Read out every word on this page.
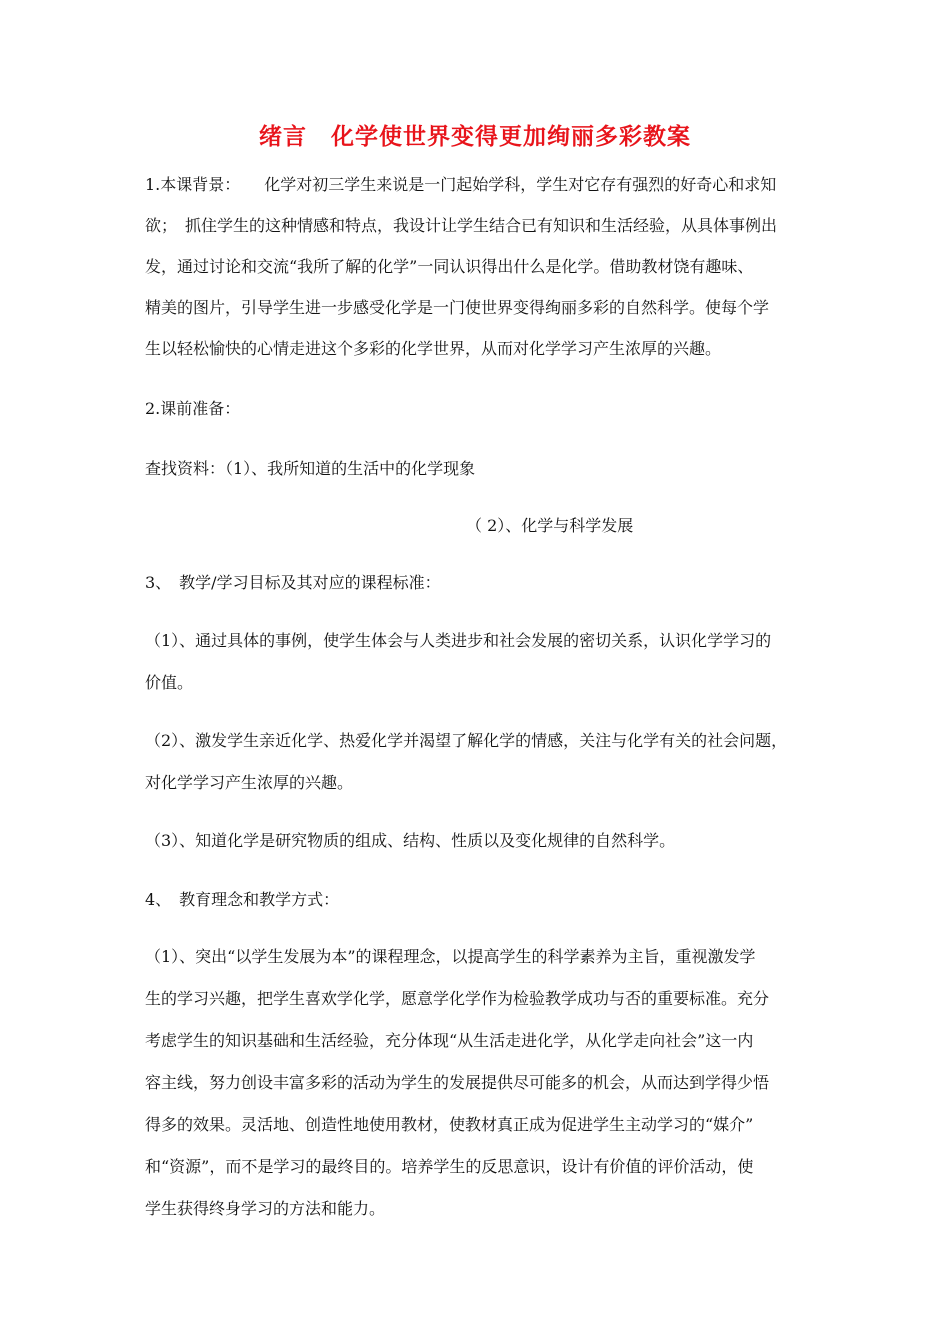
绪言　化学使世界变得更加绚丽多彩教案
1.本课背景：　　化学对初三学生来说是一门起始学科，学生对它存有强烈的好奇心和求知
欲；　抓住学生的这种情感和特点，我设计让学生结合已有知识和生活经验，从具体事例出
发，通过讨论和交流“我所了解的化学”一同认识得出什么是化学。借助教材饶有趣味、
精美的图片，引导学生进一步感受化学是一门使世界变得绚丽多彩的自然科学。使每个学
生以轻松愉快的心情走进这个多彩的化学世界，从而对化学学习产生浓厚的兴趣。
2.课前准备：
查找资料：（1）、我所知道的生活中的化学现象
（ 2）、化学与科学发展
3、　教学/学习目标及其对应的课程标准：
（1）、通过具体的事例，使学生体会与人类进步和社会发展的密切关系，认识化学学习的
价值。
（2）、激发学生亲近化学、热爱化学并渴望了解化学的情感，关注与化学有关的社会问题，
对化学学习产生浓厚的兴趣。
（3）、知道化学是研究物质的组成、结构、性质以及变化规律的自然科学。
4、　教育理念和教学方式：
（1）、突出“以学生发展为本”的课程理念，以提高学生的科学素养为主旨，重视激发学
生的学习兴趣，把学生喜欢学化学，愿意学化学作为检验教学成功与否的重要标准。充分
考虑学生的知识基础和生活经验，充分体现“从生活走进化学，从化学走向社会”这一内
容主线，努力创设丰富多彩的活动为学生的发展提供尽可能多的机会，从而达到学得少悟
得多的效果。灵活地、创造性地使用教材，使教材真正成为促进学生主动学习的“媒介”
和“资源”，而不是学习的最终目的。培养学生的反思意识，设计有价值的评价活动，使
学生获得终身学习的方法和能力。
